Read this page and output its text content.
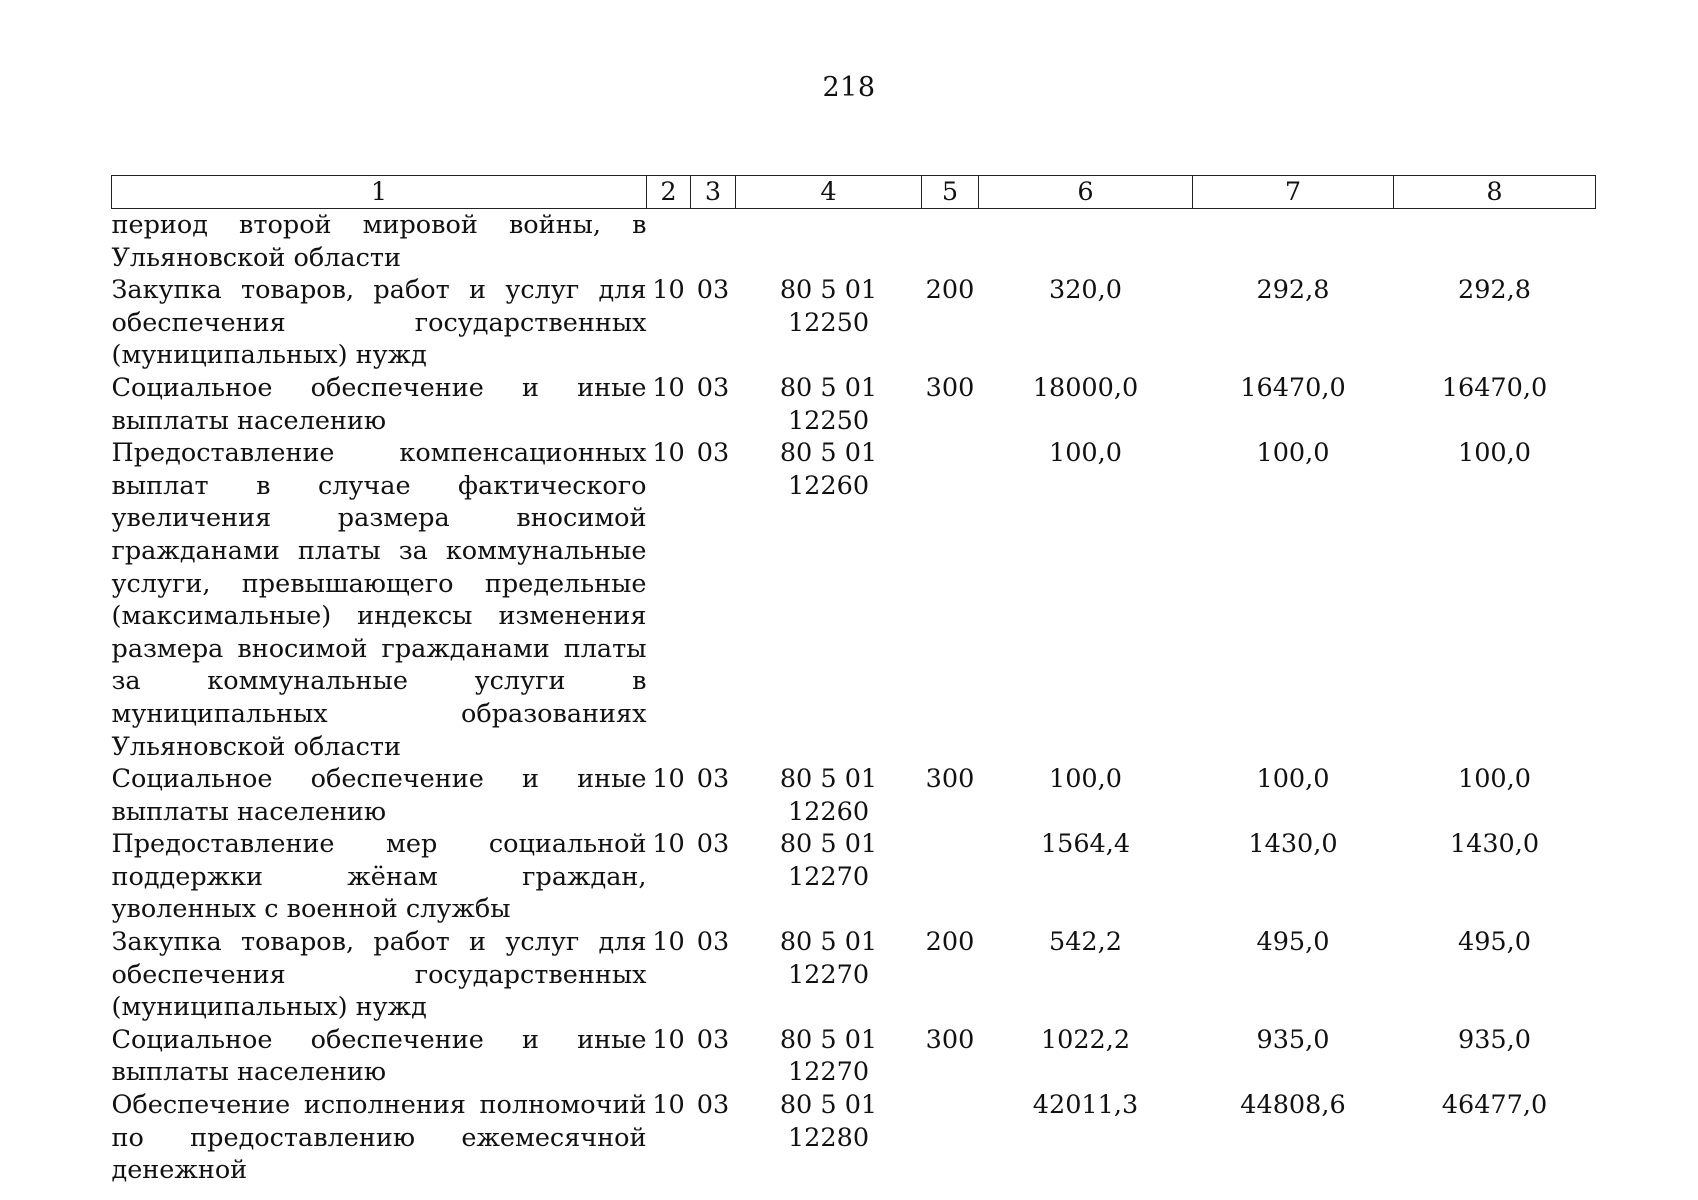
218
1	2	3	4	5	6	7	8
период второй мировой войны, в Ульяновской области							
Закупка товаров, работ и услуг для обеспечения государственных (муниципальных) нужд	10	03	80 5 01 12250	200	320,0	292,8	292,8
Социальное обеспечение и иные выплаты населению	10	03	80 5 01 12250	300	18000,0	16470,0	16470,0
Предоставление компенсационных выплат в случае фактического увеличения размера вносимой гражданами платы за коммунальные услуги, превышающего предельные (максимальные) индексы изменения размера вносимой гражданами платы за коммунальные услуги в муниципальных образованиях Ульяновской области	10	03	80 5 01 12260		100,0	100,0	100,0
Социальное обеспечение и иные выплаты населению	10	03	80 5 01 12260	300	100,0	100,0	100,0
Предоставление мер социальной поддержки жёнам граждан, уволенных с военной службы	10	03	80 5 01 12270		1564,4	1430,0	1430,0
Закупка товаров, работ и услуг для обеспечения государственных (муниципальных) нужд	10	03	80 5 01 12270	200	542,2	495,0	495,0
Социальное обеспечение и иные выплаты населению	10	03	80 5 01 12270	300	1022,2	935,0	935,0
Обеспечение исполнения полномочий по предоставлению ежемесячной денежной	10	03	80 5 01 12280		42011,3	44808,6	46477,0
